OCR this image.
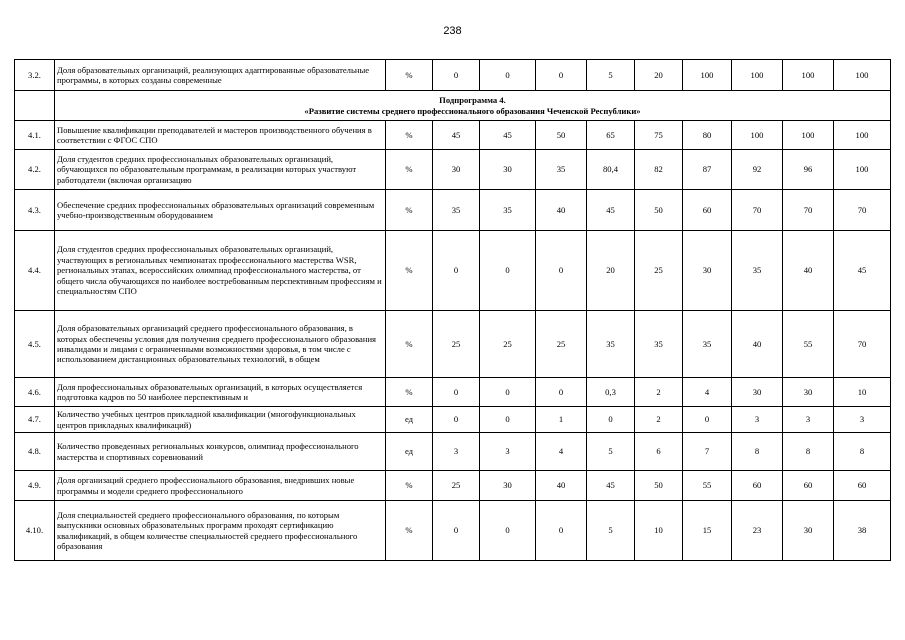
238
3.2.	Доля образовательных организаций, реализующих адаптированные образовательные программы, в которых созданы современные	%	0	0	0	5	20	100	100	100	100

	Подпрограмма 4.
«Развитие системы среднего профессионального образования Чеченской Республики»										

4.1.	Повышение квалификации преподавателей и мастеров производственного обучения в соответствии с ФГОС СПО	%	45	45	50	65	75	80	100	100	100
4.2.	Доля студентов средних профессиональных образовательных организаций, обучающихся по образовательным программам, в реализации которых участвуют работодатели (включая организацию	%	30	30	35	80,4	82	87	92	96	100
4.3.	Обеспечение средних профессиональных образовательных организаций современным учебно-производственным оборудованием	%	35	35	40	45	50	60	70	70	70
4.4.	Доля студентов средних профессиональных образовательных организаций, участвующих в региональных чемпионатах профессионального мастерства WSR, региональных этапах, всероссийских олимпиад профессионального мастерства, от общего числа обучающихся по наиболее востребованным перспективным профессиям и специальностям СПО	%	0	0	0	20	25	30	35	40	45
4.5.	Доля образовательных организаций среднего профессионального образования, в которых обеспечены условия для получения среднего профессионального образования инвалидами и лицами с ограниченными возможностями здоровья, в том числе с использованием дистанционных образовательных технологий, в общем	%	25	25	25	35	35	35	40	55	70
4.6.	Доля профессиональных образовательных организаций, в которых осуществляется подготовка кадров по 50 наиболее перспективным и	%	0	0	0	0,3	2	4	30	30	10
4.7.	Количество учебных центров прикладной квалификации (многофункциональных центров прикладных квалификаций)	ед	0	0	1	0	2	0	3	3	3
4.8.	Количество проведенных региональных конкурсов, олимпиад профессионального мастерства и спортивных соревнований	ед	3	3	4	5	6	7	8	8	8
4.9.	Доля организаций среднего профессионального образования, внедривших новые программы и модели среднего профессионального	%	25	30	40	45	50	55	60	60	60
4.10.	Доля специальностей среднего профессионального образования, по которым выпускники основных образовательных программ проходят сертификацию квалификаций, в общем количестве специальностей среднего профессионального образования	%	0	0	0	5	10	15	23	30	38
